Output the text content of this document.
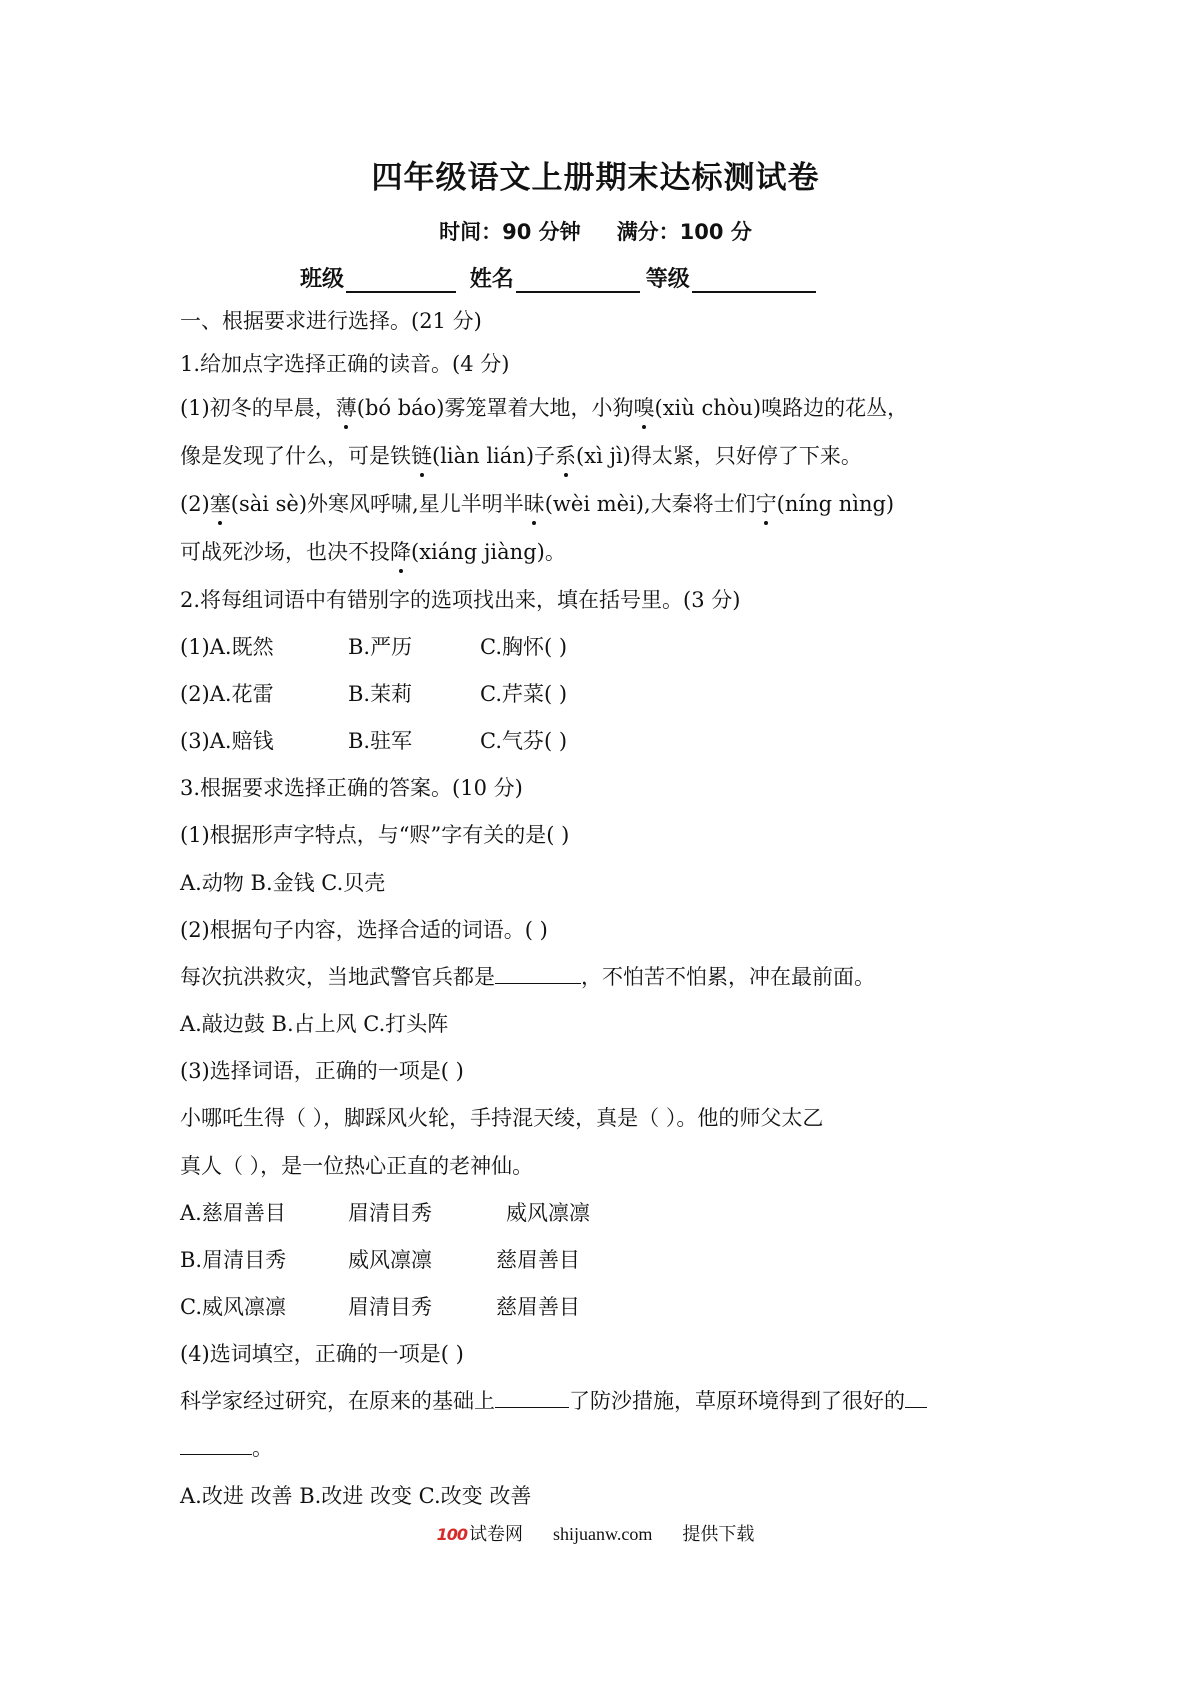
四年级语文上册期末达标测试卷
时间：90 分钟 满分：100 分
班级	姓名	等级
一、根据要求进行选择。(21 分)
1.给加点字选择正确的读音。(4 分)
(1)初冬的早晨，薄(bó báo)雾笼罩着大地，小狗嗅(xiù chòu)嗅路边的花丛，
像是发现了什么，可是铁链(liàn lián)子系(xì jì)得太紧，只好停了下来。
(2)塞(sài sè)外寒风呼啸,星儿半明半昧(wèi mèi),大秦将士们宁(níng nìng)
可战死沙场，也决不投降(xiáng jiàng)。
2.将每组词语中有错别字的选项找出来，填在括号里。(3 分)
(1)A.既然	B.严历	C.胸怀( )
(2)A.花雷	B.茉莉	C.芹菜( )
(3)A.赔钱	B.驻军	C.气芬( )
3.根据要求选择正确的答案。(10 分)
(1)根据形声字特点，与“赆”字有关的是( )
A.动物 B.金钱 C.贝壳
(2)根据句子内容，选择合适的词语。( )
每次抗洪救灾，当地武警官兵都是	，不怕苦不怕累，冲在最前面。
A.敲边鼓 B.占上风 C.打头阵
(3)选择词语，正确的一项是( )
小哪吒生得（ ），脚踩风火轮，手持混天绫，真是（ ）。他的师父太乙
真人（ ），是一位热心正直的老神仙。
A.慈眉善目	眉清目秀	威风凛凛
B.眉清目秀	威风凛凛	慈眉善目
C.威风凛凛	眉清目秀	慈眉善目
(4)选词填空，正确的一项是( )
科学家经过研究，在原来的基础上	了防沙措施，草原环境得到了很好的
。
A.改进 改善 B.改进 改变 C.改变 改善
100 试卷网 shijuanw.com 提供下载
